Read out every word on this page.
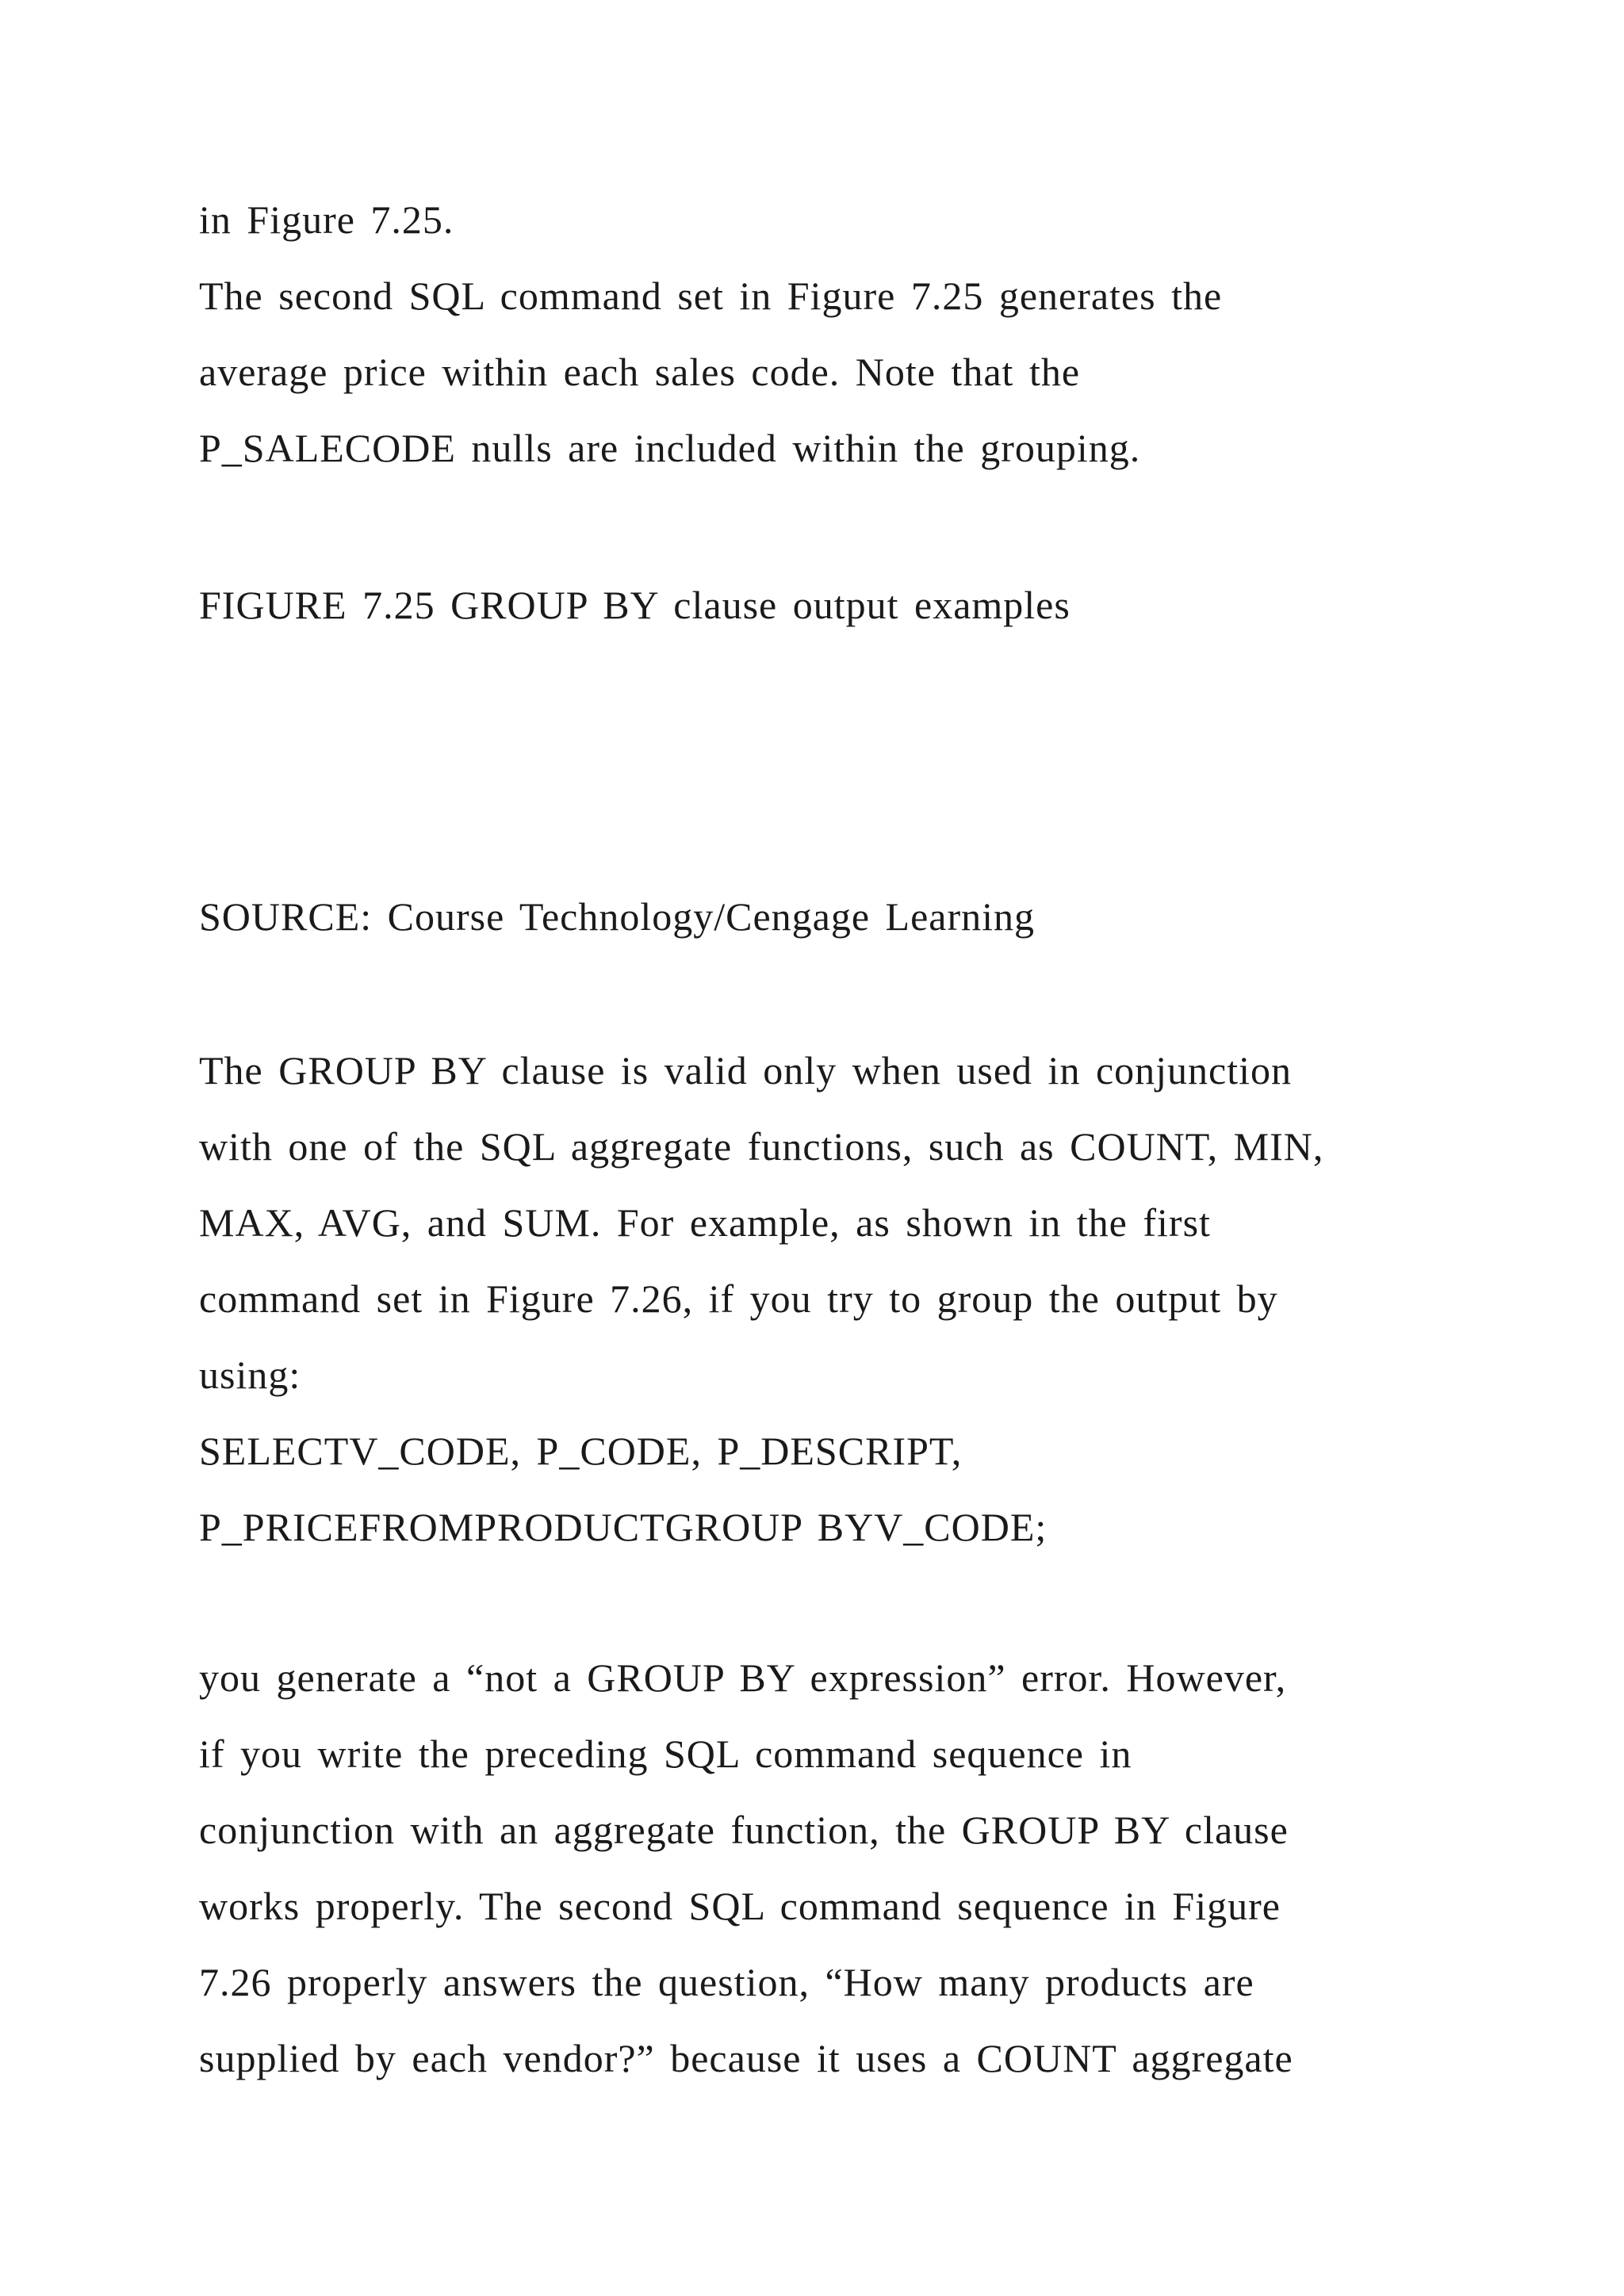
in Figure 7.25.

The second SQL command set in Figure 7.25 generates the

average price within each sales code. Note that the

P_SALECODE nulls are included within the grouping.

FIGURE 7.25 GROUP BY clause output examples

SOURCE: Course Technology/Cengage Learning

The GROUP BY clause is valid only when used in conjunction

with one of the SQL aggregate functions, such as COUNT, MIN,

MAX, AVG, and SUM. For example, as shown in the first

command set in Figure 7.26, if you try to group the output by

using:

SELECTV_CODE, P_CODE, P_DESCRIPT,

P_PRICEFROMPRODUCTGROUP BYV_CODE;

you generate a “not a GROUP BY expression” error. However,

if you write the preceding SQL command sequence in

conjunction with an aggregate function, the GROUP BY clause

works properly. The second SQL command sequence in Figure

7.26 properly answers the question, “How many products are

supplied by each vendor?” because it uses a COUNT aggregate
